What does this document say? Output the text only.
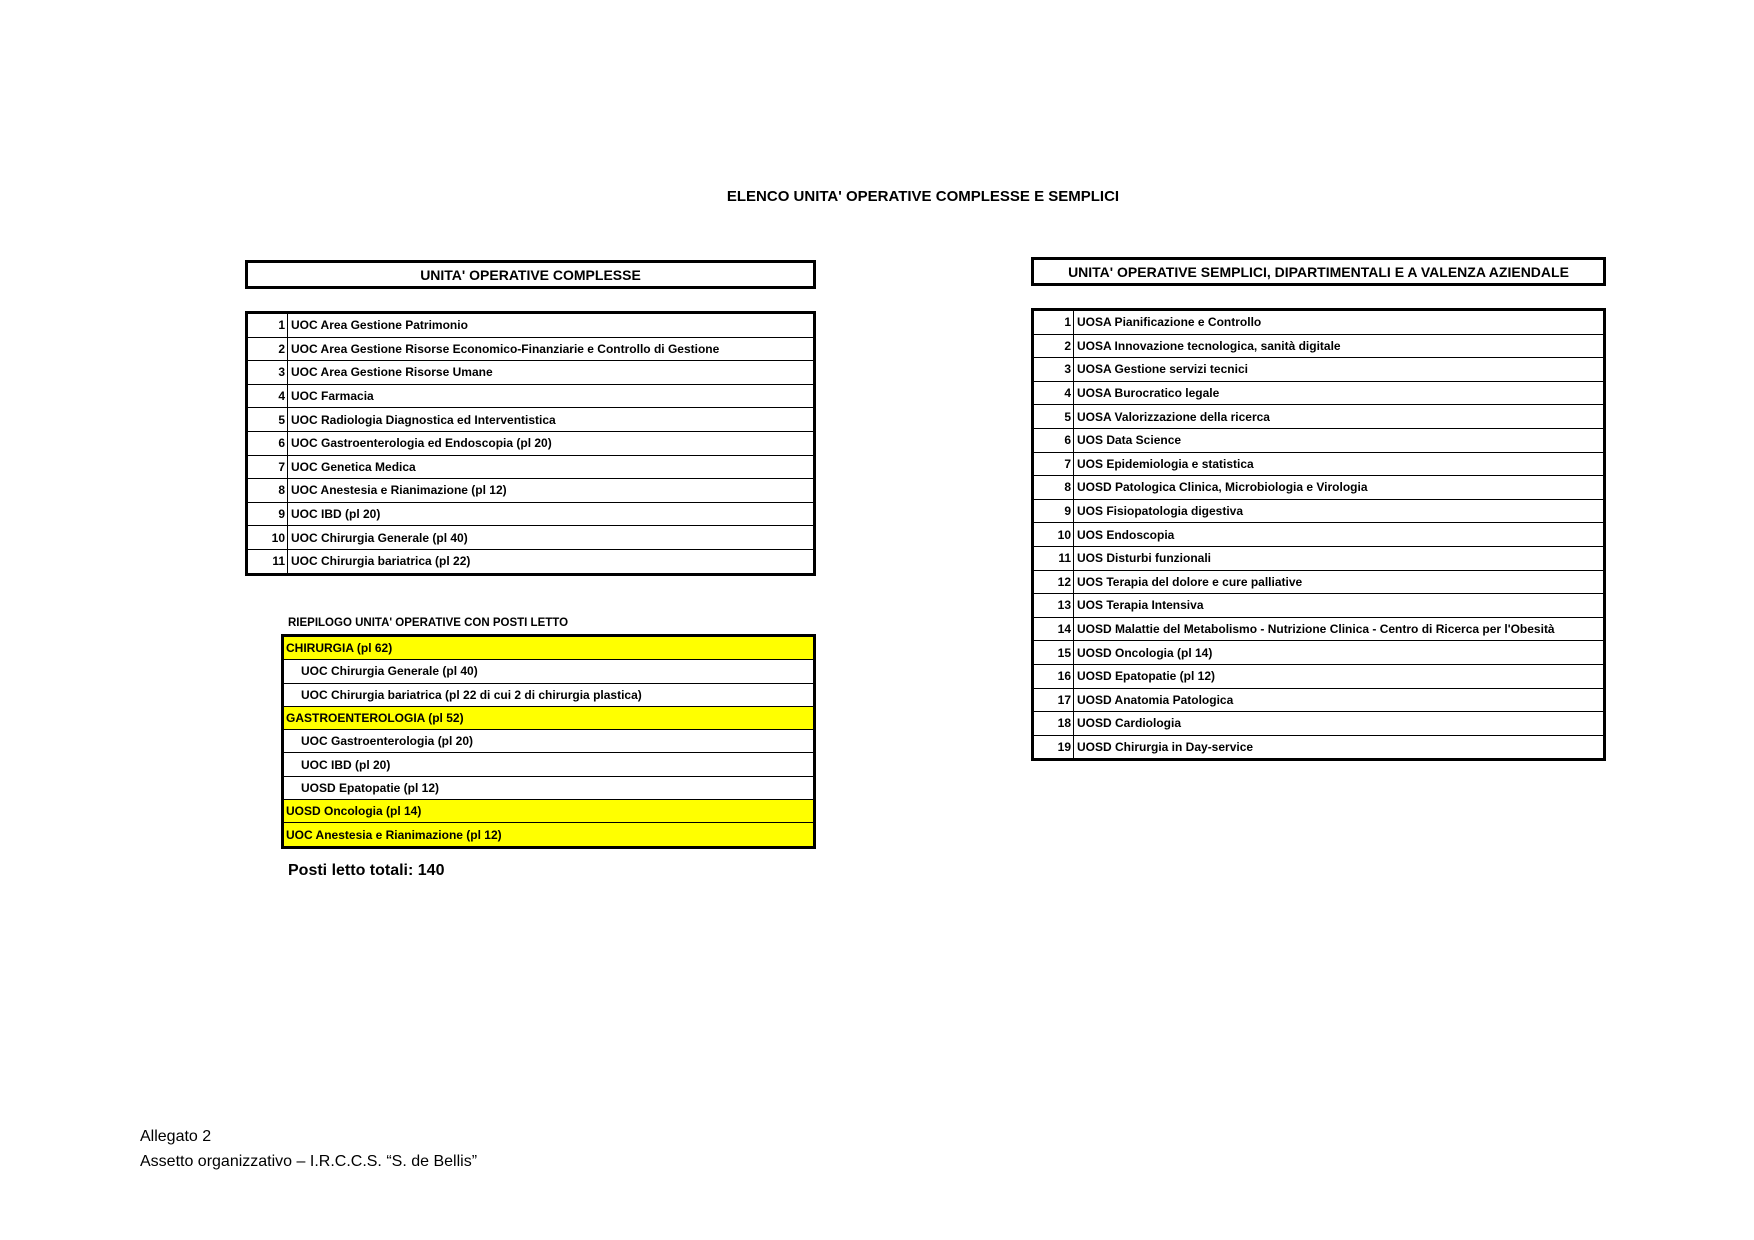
ELENCO UNITA' OPERATIVE COMPLESSE E SEMPLICI
UNITA' OPERATIVE COMPLESSE
1	UOC Area Gestione Patrimonio
2	UOC Area Gestione Risorse Economico-Finanziarie e Controllo di Gestione
3	UOC Area Gestione Risorse Umane
4	UOC Farmacia
5	UOC Radiologia Diagnostica ed Interventistica
6	UOC Gastroenterologia ed Endoscopia (pl 20)
7	UOC Genetica Medica
8	UOC Anestesia e Rianimazione (pl 12)
9	UOC IBD (pl 20)
10	UOC Chirurgia Generale (pl 40)
11	UOC Chirurgia bariatrica (pl 22)
RIEPILOGO UNITA' OPERATIVE CON POSTI LETTO
CHIRURGIA (pl 62)
UOC Chirurgia Generale (pl 40)
UOC Chirurgia bariatrica (pl 22 di cui 2 di chirurgia plastica)
GASTROENTEROLOGIA (pl 52)
UOC Gastroenterologia (pl 20)
UOC IBD (pl 20)
UOSD Epatopatie (pl 12)
UOSD Oncologia (pl 14)
UOC Anestesia e Rianimazione (pl 12)
Posti letto totali: 140
UNITA' OPERATIVE SEMPLICI, DIPARTIMENTALI E A VALENZA AZIENDALE
1	UOSA Pianificazione e Controllo
2	UOSA Innovazione tecnologica, sanità digitale
3	UOSA Gestione servizi tecnici
4	UOSA Burocratico legale
5	UOSA Valorizzazione della ricerca
6	UOS Data Science
7	UOS Epidemiologia e statistica
8	UOSD Patologica Clinica, Microbiologia e Virologia
9	UOS Fisiopatologia digestiva
10	UOS Endoscopia
11	UOS Disturbi funzionali
12	UOS Terapia del dolore e cure palliative
13	UOS Terapia Intensiva
14	UOSD Malattie del Metabolismo - Nutrizione Clinica - Centro di Ricerca per l'Obesità
15	UOSD Oncologia (pl 14)
16	UOSD Epatopatie (pl 12)
17	UOSD Anatomia Patologica
18	UOSD Cardiologia
19	UOSD Chirurgia in Day-service
Allegato 2
Assetto organizzativo – I.R.C.C.S. “S. de Bellis”
